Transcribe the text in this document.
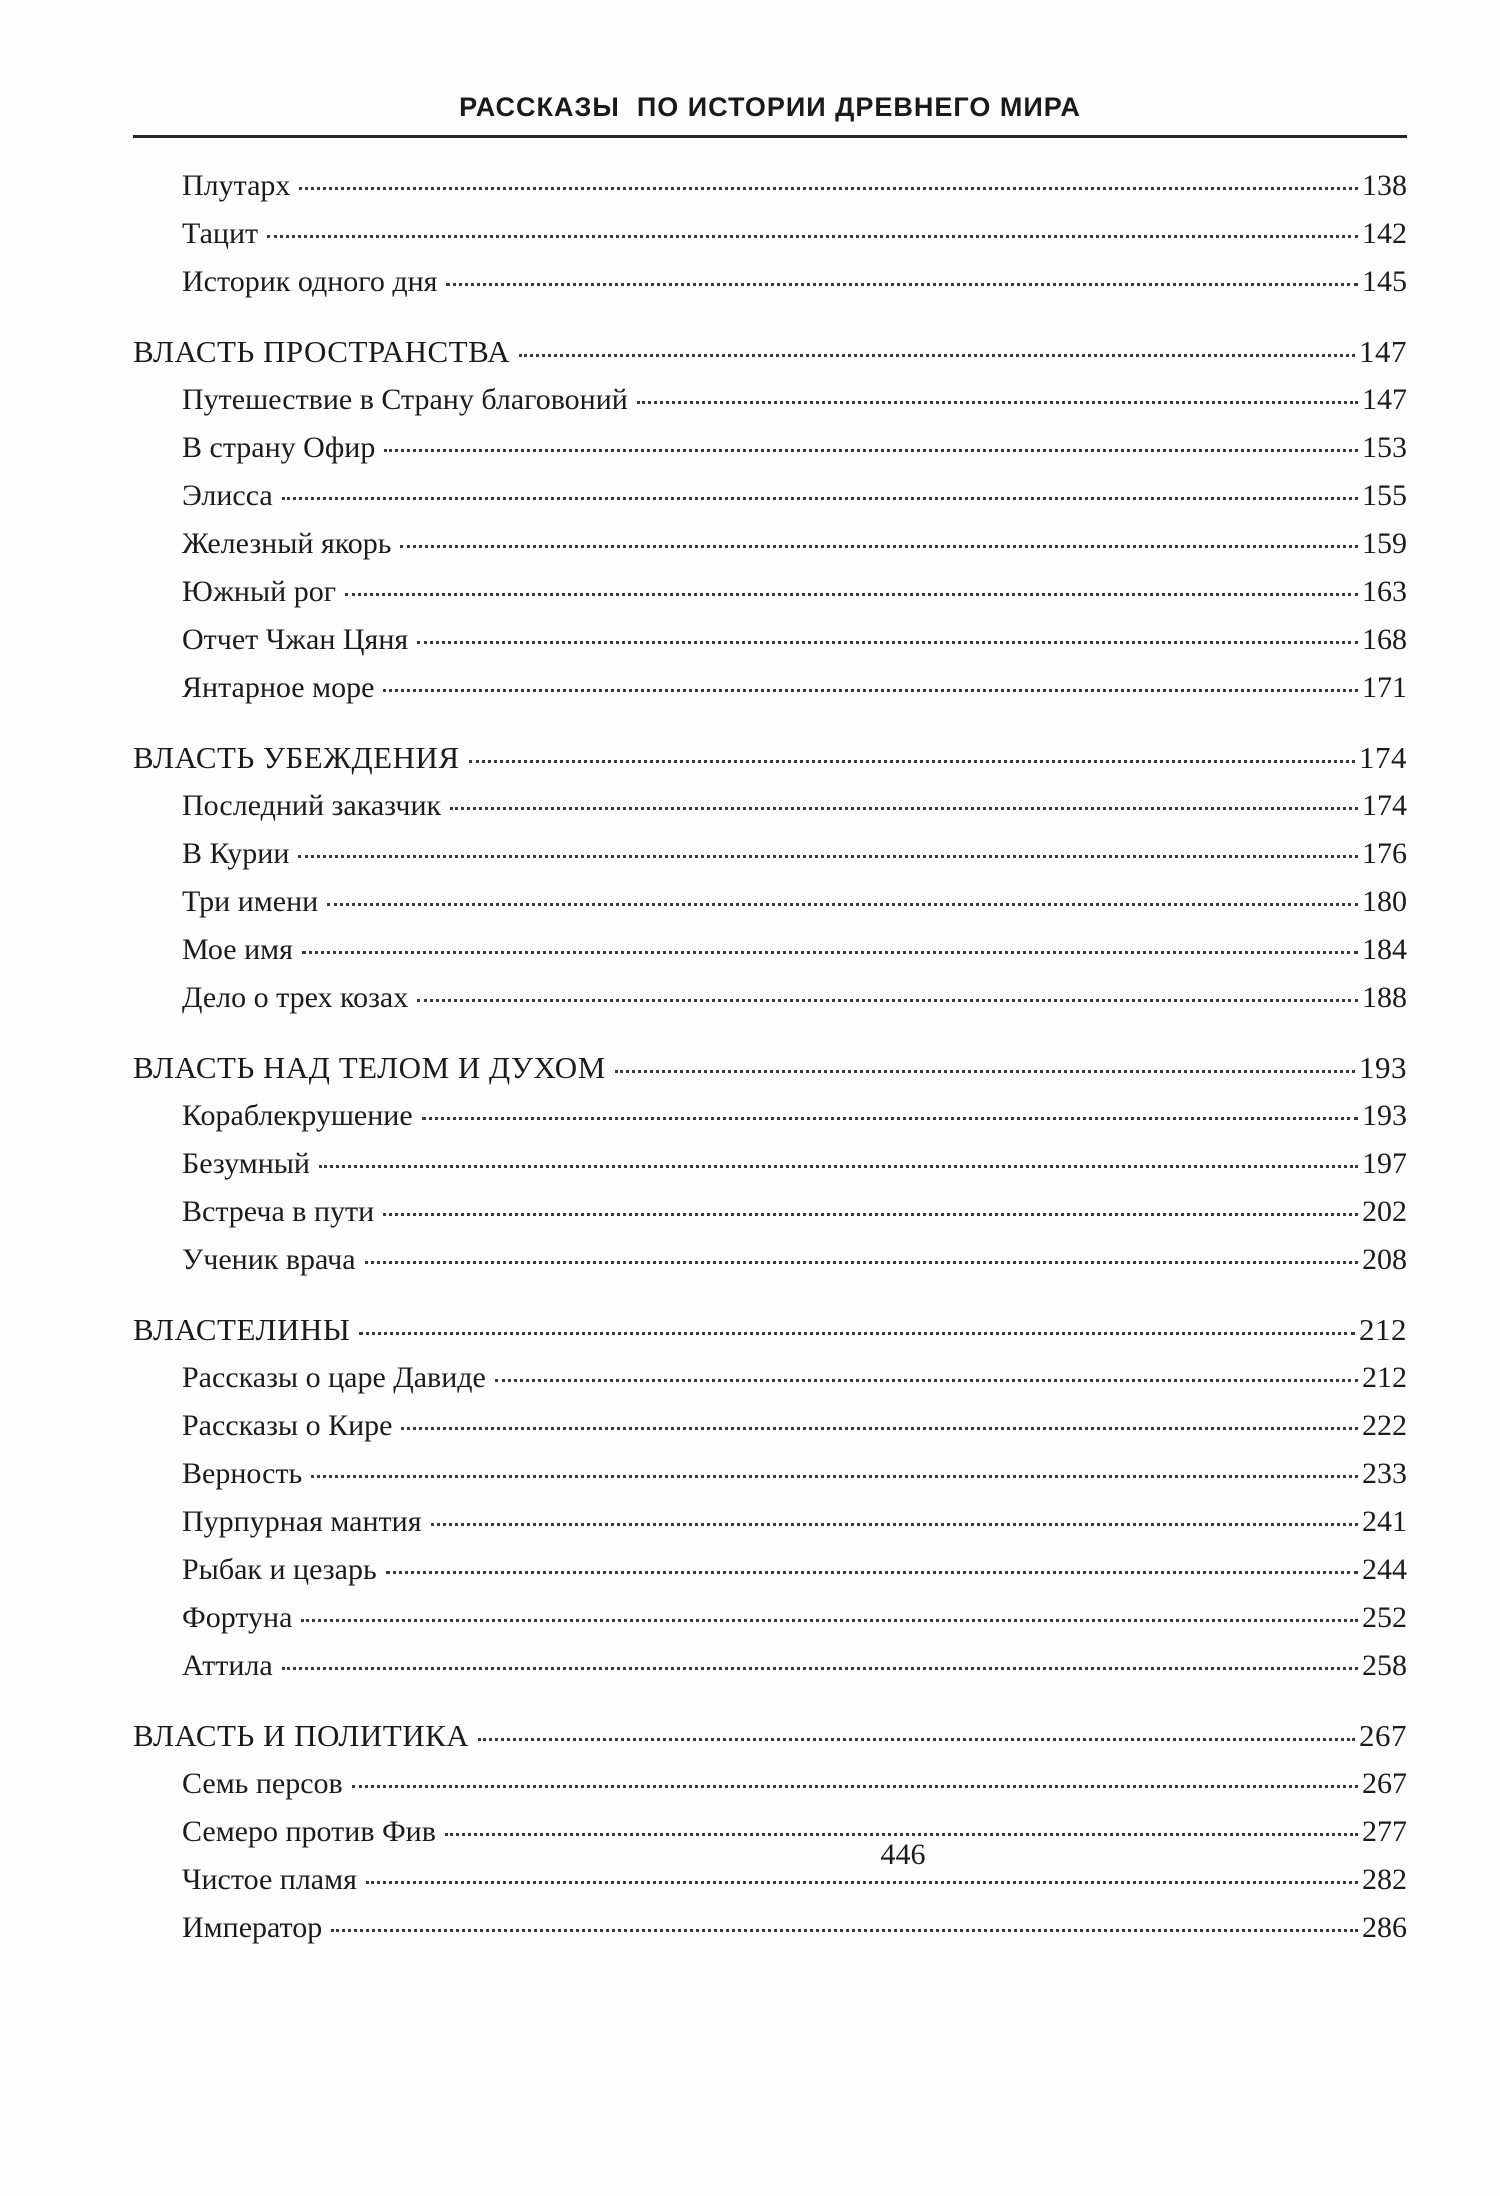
РАССКАЗЫ  ПО ИСТОРИИ ДРЕВНЕГО МИРА
Плутарх	138
Тацит	142
Историк одного дня	145
ВЛАСТЬ ПРОСТРАНСТВА	147
Путешествие в Страну благовоний	147
В страну Офир	153
Элисса	155
Железный якорь	159
Южный рог	163
Отчет Чжан Цяня	168
Янтарное море	171
ВЛАСТЬ УБЕЖДЕНИЯ	174
Последний заказчик	174
В Курии	176
Три имени	180
Мое имя	184
Дело о трех козах	188
ВЛАСТЬ НАД ТЕЛОМ И ДУХОМ	193
Кораблекрушение	193
Безумный	197
Встреча в пути	202
Ученик врача	208
ВЛАСТЕЛИНЫ	212
Рассказы о царе Давиде	212
Рассказы о Кире	222
Верность	233
Пурпурная мантия	241
Рыбак и цезарь	244
Фортуна	252
Аттила	258
ВЛАСТЬ И ПОЛИТИКА	267
Семь персов	267
Семеро против Фив	277
Чистое пламя	282
Император	286
446
